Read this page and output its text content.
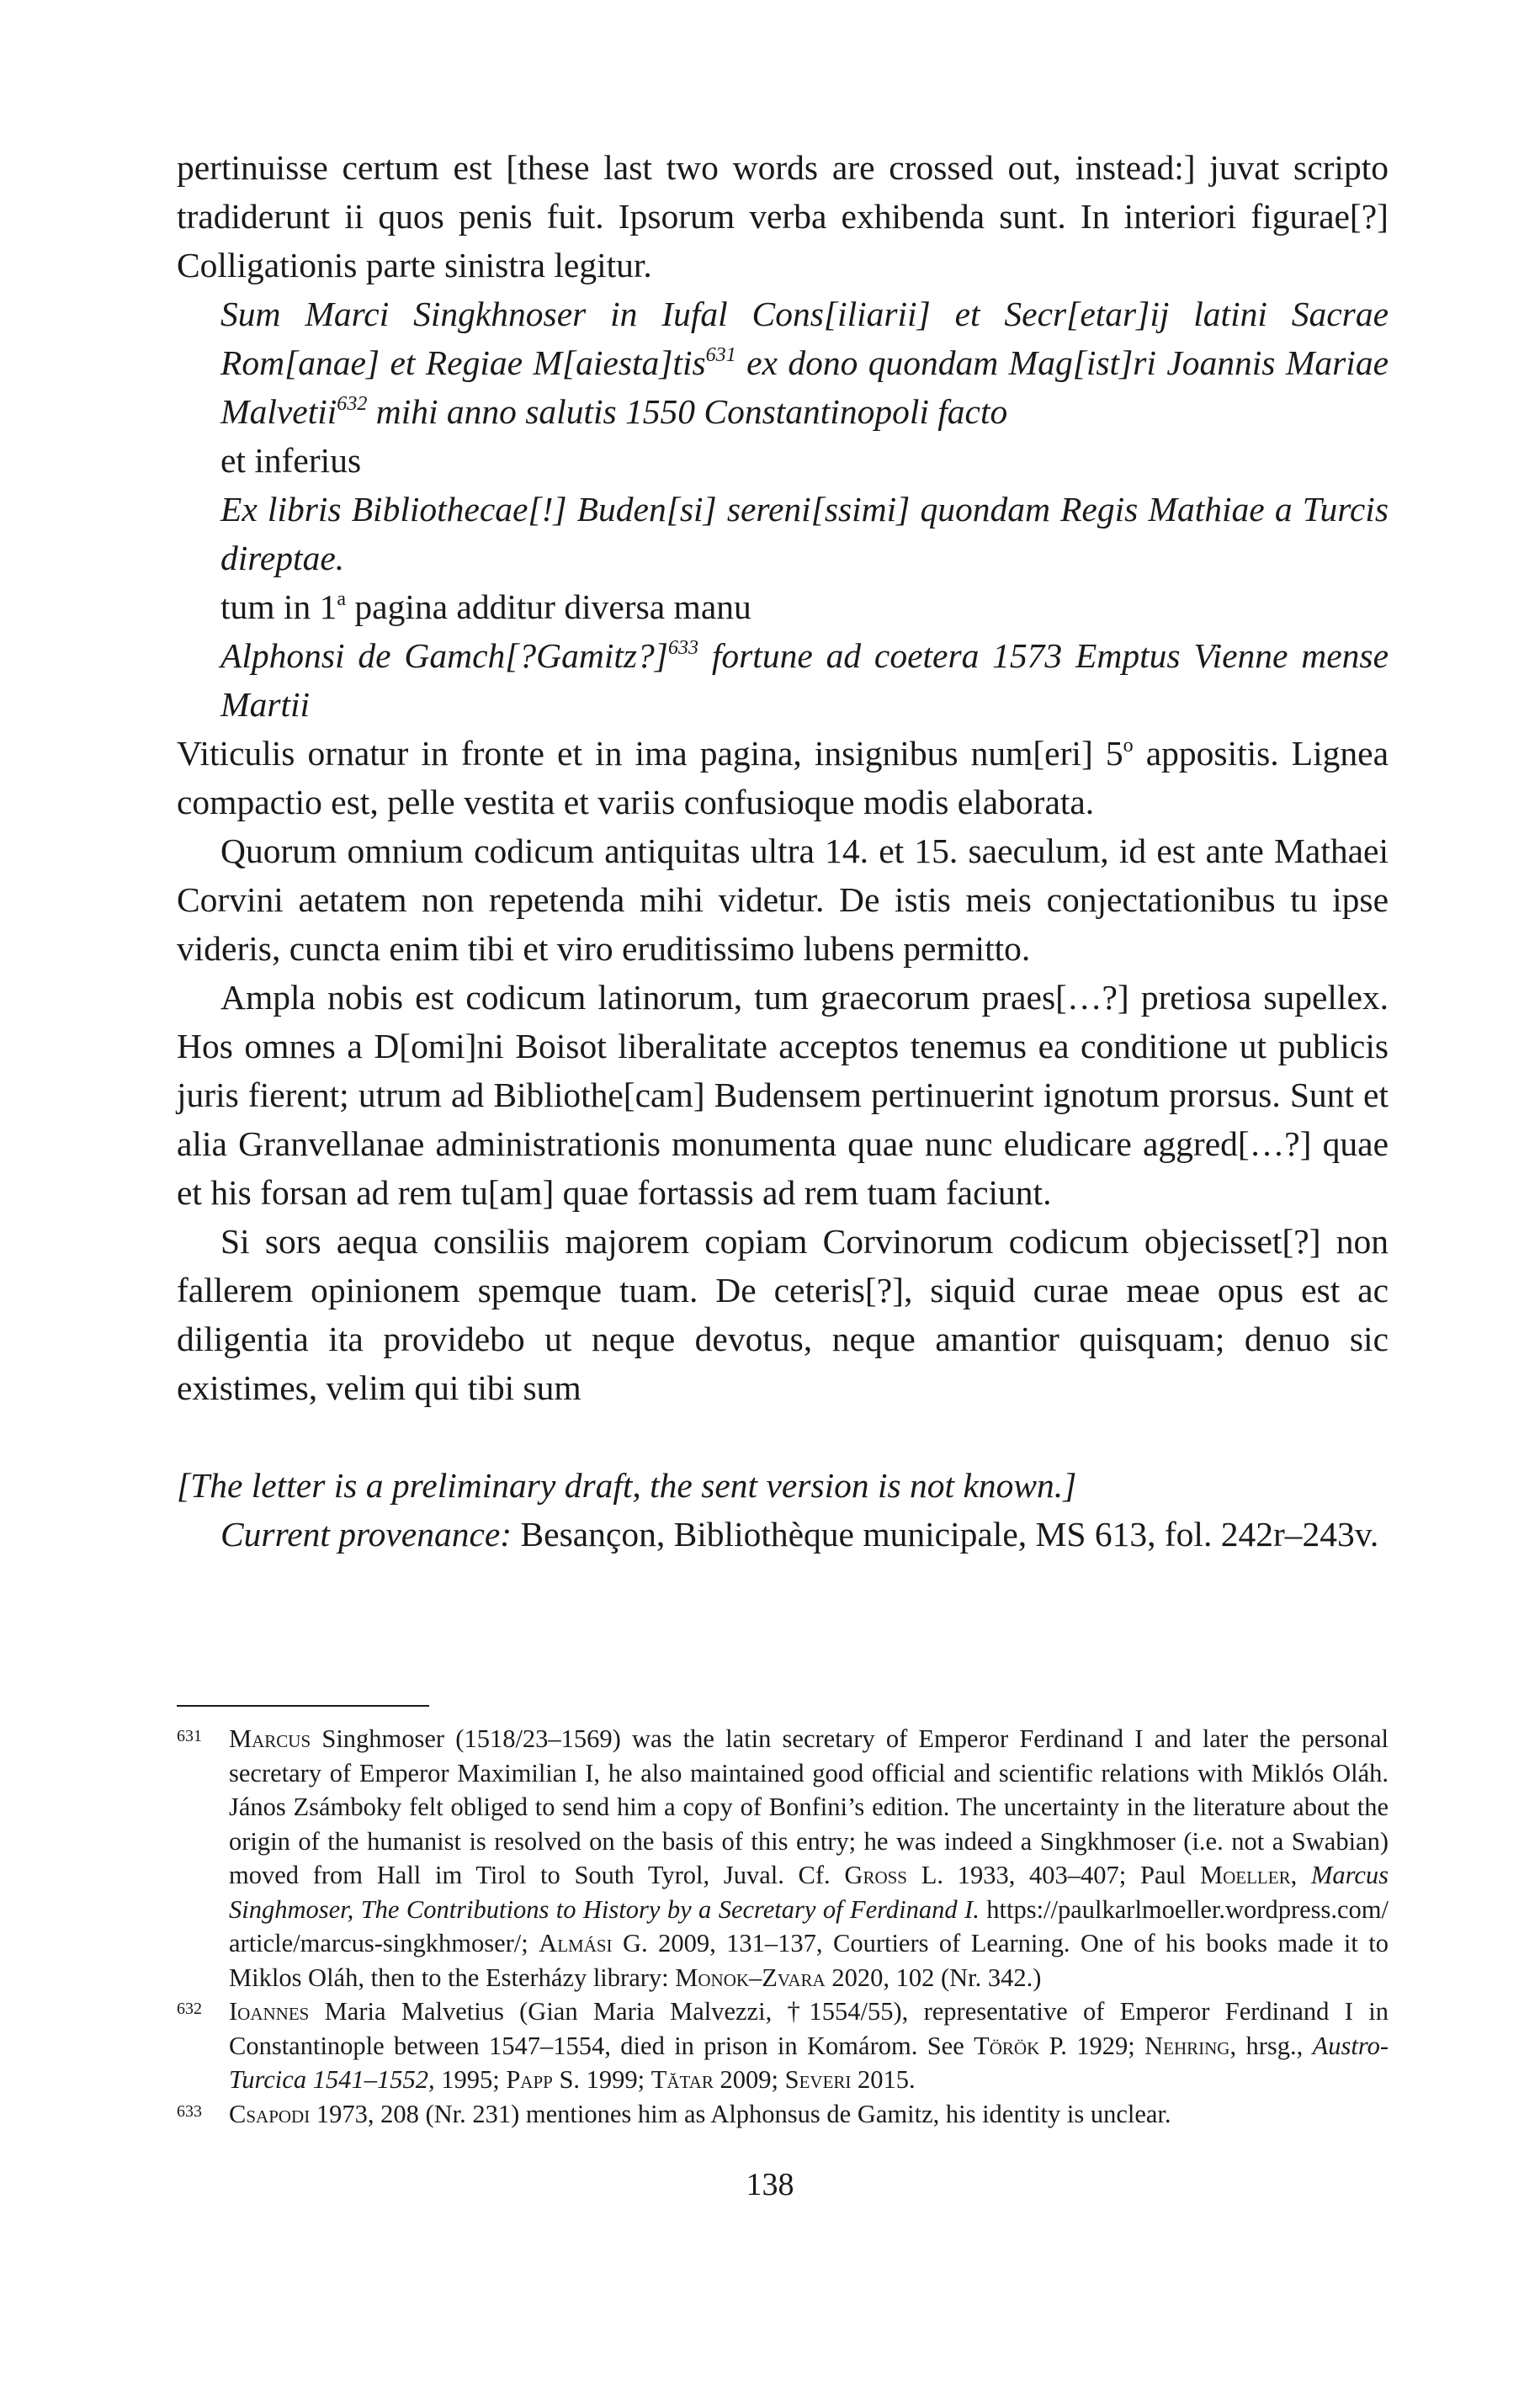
pertinuisse certum est [these last two words are crossed out, instead:] juvat scripto tradiderunt ii quos penis fuit. Ipsorum verba exhibenda sunt. In interiori figurae[?] Colligationis parte sinistra legitur.

Sum Marci Singkhnoser in Iufal Cons[iliarii] et Secr[etar]ij latini Sacrae Rom[anae] et Regiae M[aiesta]tis$^{631}$ ex dono quondam Mag[ist]ri Joannis Mariae Malvetii$^{632}$ mihi anno salutis 1550 Constantinopoli facto

et inferius

Ex libris Bibliothecae[!] Buden[si] sereni[ssimi] quondam Regis Mathiae a Turcis direptae.

tum in 1$^a$ pagina additur diversa manu

Alphonsi de Gamch[?Gamitz?]$^{633}$ fortune ad coetera 1573 Emptus Vienne mense Martii

Viticulis ornatur in fronte et in ima pagina, insignibus num[eri] 5$^o$ appositis. Lignea compactio est, pelle vestita et variis confusioque modis elaborata.

Quorum omnium codicum antiquitas ultra 14. et 15. saeculum, id est ante Mathaei Corvini aetatem non repetenda mihi videtur. De istis meis conjectationibus tu ipse videris, cuncta enim tibi et viro eruditissimo lubens permitto.

Ampla nobis est codicum latinorum, tum graecorum praes[…?] pretiosa supellex. Hos omnes a D[omi]ni Boisot liberalitate acceptos tenemus ea conditione ut publicis juris fierent; utrum ad Bibliothe[cam] Budensem pertinuerint ignotum prorsus. Sunt et alia Granvellanae administrationis monumenta quae nunc eludicare aggred[…?] quae et his forsan ad rem tu[am] quae fortassis ad rem tuam faciunt.

Si sors aequa consiliis majorem copiam Corvinorum codicum objecisset[?] non fallerem opinionem spemque tuam. De ceteris[?], siquid curae meae opus est ac diligentia ita providebo ut neque devotus, neque amantior quisquam; denuo sic existimes, velim qui tibi sum

[The letter is a preliminary draft, the sent version is not known.]

Current provenance: Besançon, Bibliothèque municipale, MS 613, fol. 242r–243v.

631 Marcus Singhmoser (1518/23–1569) was the latin secretary of Emperor Ferdinand I and later the personal secretary of Emperor Maximilian I, he also maintained good official and scientific relations with Miklós Oláh. János Zsámboky felt obliged to send him a copy of Bonfini’s edition. The uncertainty in the literature about the origin of the humanist is resolved on the basis of this entry; he was indeed a Singkhmoser (i.e. not a Swabian) moved from Hall im Tirol to South Tyrol, Juval. Cf. Gross L. 1933, 403–407; Paul Moeller, Marcus Singhmoser, The Contributions to History by a Secretary of Ferdinand I. https://paulkarlmoeller.wordpress.com/article/marcus-singkhmoser/; Almási G. 2009, 131–137, Courtiers of Learning. One of his books made it to Miklos Oláh, then to the Esterházy library: Monok–Zvara 2020, 102 (Nr. 342.)

632 Ioannes Maria Malvetius (Gian Maria Malvezzi, †1554/55), representative of Emperor Ferdinand I in Constantinople between 1547–1554, died in prison in Komárom. See Török P. 1929; Nehring, hrsg., Austro-Turcica 1541–1552, 1995; Papp S. 1999; Tătar 2009; Severi 2015.

633 Csapodi 1973, 208 (Nr. 231) mentiones him as Alphonsus de Gamitz, his identity is unclear.

138
